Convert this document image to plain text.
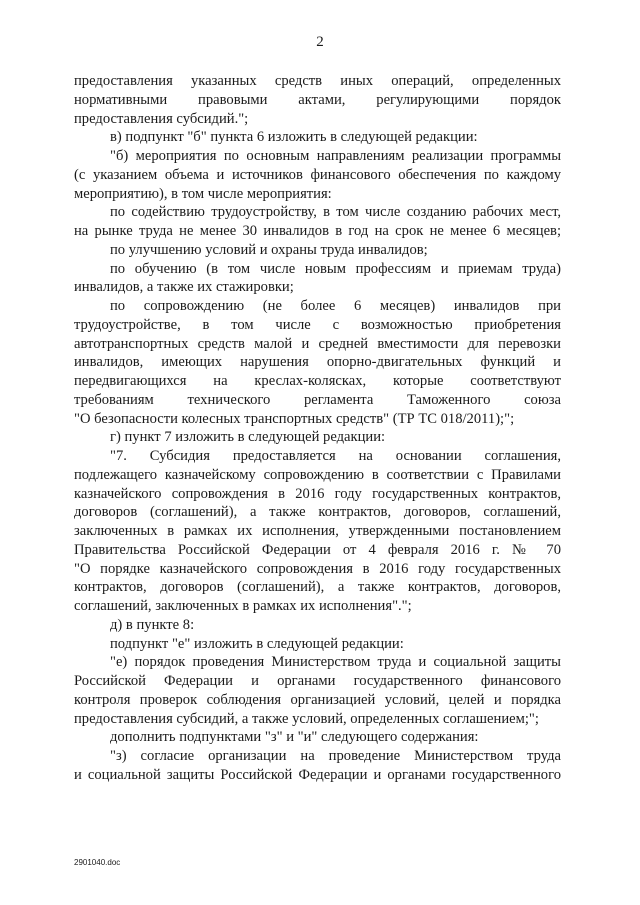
2
предоставления указанных средств иных операций, определенных
нормативными правовыми актами, регулирующими порядок
предоставления субсидий.";
в) подпункт "б" пункта 6 изложить в следующей редакции:
"б) мероприятия по основным направлениям реализации программы
(с указанием объема и источников финансового обеспечения по каждому
мероприятию), в том числе мероприятия:
по содействию трудоустройству, в том числе созданию рабочих мест,
на рынке труда не менее 30 инвалидов в год на срок не менее 6 месяцев;
по улучшению условий и охраны труда инвалидов;
по обучению (в том числе новым профессиям и приемам труда)
инвалидов, а также их стажировки;
по сопровождению (не более 6 месяцев) инвалидов при
трудоустройстве, в том числе с возможностью приобретения
автотранспортных средств малой и средней вместимости для перевозки
инвалидов, имеющих нарушения опорно-двигательных функций и
передвигающихся на креслах-колясках, которые соответствуют
требованиям технического регламента Таможенного союза
"О безопасности колесных транспортных средств" (ТР ТС 018/2011);";
г) пункт 7 изложить в следующей редакции:
"7. Субсидия предоставляется на основании соглашения,
подлежащего казначейскому сопровождению в соответствии с Правилами
казначейского сопровождения в 2016 году государственных контрактов,
договоров (соглашений), а также контрактов, договоров, соглашений,
заключенных в рамках их исполнения, утвержденными постановлением
Правительства Российской Федерации от 4 февраля 2016 г. № 70
"О порядке казначейского сопровождения в 2016 году государственных
контрактов, договоров (соглашений), а также контрактов, договоров,
соглашений, заключенных в рамках их исполнения".";
д) в пункте 8:
подпункт "е" изложить в следующей редакции:
"е) порядок проведения Министерством труда и социальной защиты
Российской Федерации и органами государственного финансового
контроля проверок соблюдения организацией условий, целей и порядка
предоставления субсидий, а также условий, определенных соглашением;";
дополнить подпунктами "з" и "и" следующего содержания:
"з) согласие организации на проведение Министерством труда
и социальной защиты Российской Федерации и органами государственного
2901040.doc
